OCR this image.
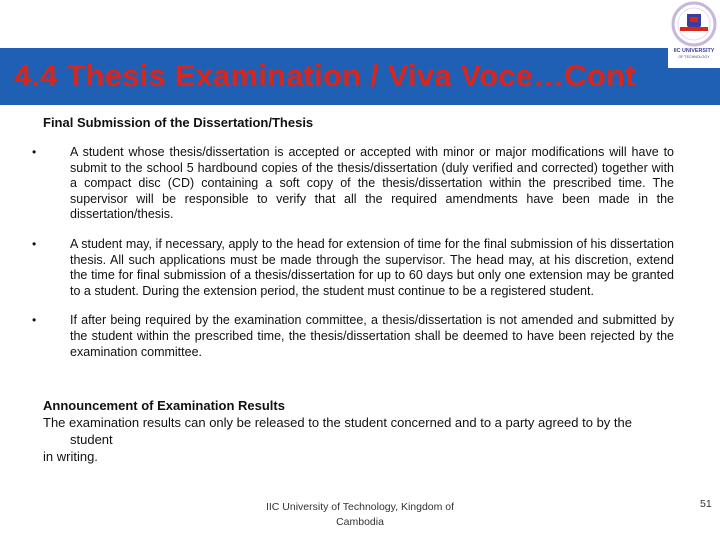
4.4 Thesis Examination / Viva Voce…Cont
IIC UNIVERSITY
OF TECHNOLOGY
Final Submission of the Dissertation/Thesis
•	A student whose thesis/dissertation is accepted or accepted with minor or major modifications will have to submit to the school 5 hardbound copies of the thesis/dissertation (duly verified and corrected) together with a compact disc (CD) containing a soft copy of the thesis/dissertation within the prescribed time. The supervisor will be responsible to verify that all the required amendments have been made in the dissertation/thesis.
•	A student may, if necessary, apply to the head for extension of time for the final submission of his dissertation thesis. All such applications must be made through the supervisor. The head may, at his discretion, extend the time for final submission of a thesis/dissertation for up to 60 days but only one extension may be granted to a student. During the extension period, the student must continue to be a registered student.
•	If after being required by the examination committee, a thesis/dissertation is not amended and submitted by the student within the prescribed time, the thesis/dissertation shall be deemed to have been rejected by the examination committee.
Announcement of Examination Results
The examination results can only be released to the student concerned and to a party agreed to by the student
in writing.
IIC University of Technology, Kingdom of Cambodia
51
